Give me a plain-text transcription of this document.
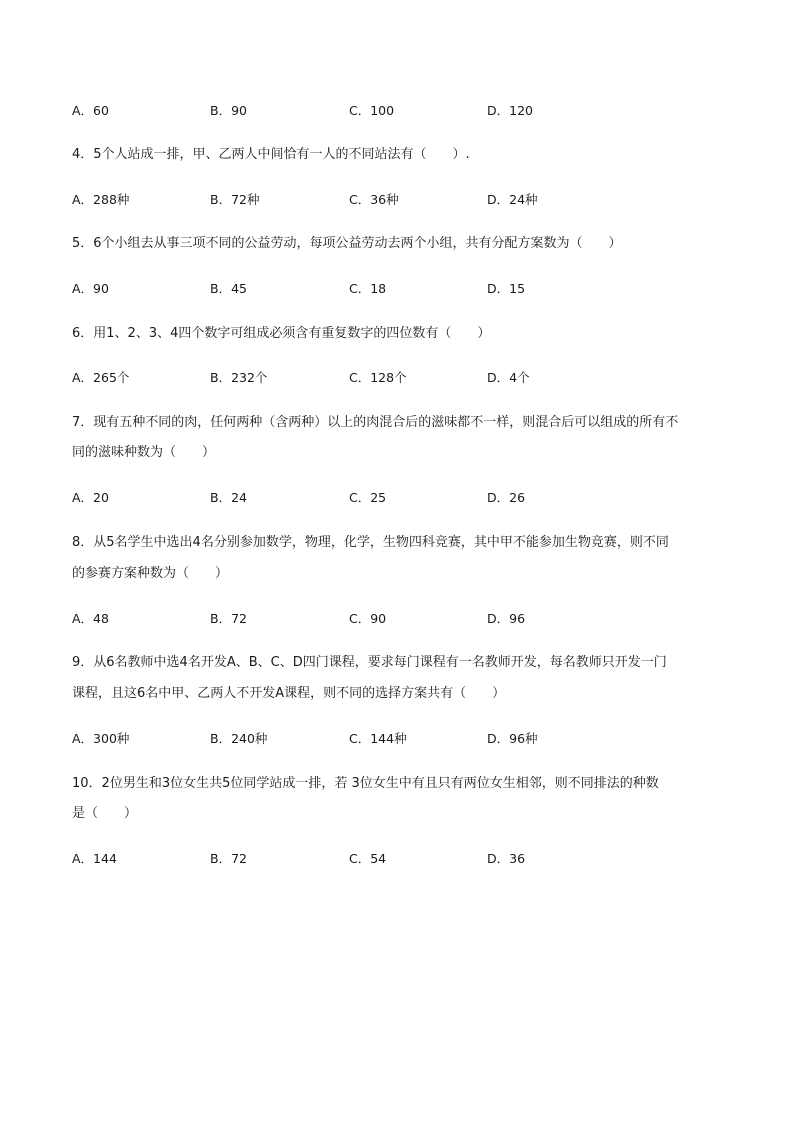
A．60	B．90	C．100	D．120
4．5个人站成一排，甲、乙两人中间恰有一人的不同站法有（　　）.
A．288种	B．72种	C．36种	D．24种
5．6个小组去从事三项不同的公益劳动，每项公益劳动去两个小组，共有分配方案数为（　　）
A．90	B．45	C．18	D．15
6．用1、2、3、4四个数字可组成必须含有重复数字的四位数有（　　）
A．265个	B．232个	C．128个	D．4个
7．现有五种不同的肉，任何两种（含两种）以上的肉混合后的滋味都不一样，则混合后可以组成的所有不
同的滋味种数为（　　）
A．20	B．24	C．25	D．26
8．从5名学生中选出4名分别参加数学，物理，化学，生物四科竞赛，其中甲不能参加生物竞赛，则不同
的参赛方案种数为（　　）
A．48	B．72	C．90	D．96
9．从6名教师中选4名开发A、B、C、D四门课程，要求每门课程有一名教师开发，每名教师只开发一门
课程，且这6名中甲、乙两人不开发A课程，则不同的选择方案共有（　　）
A．300种	B．240种	C．144种	D．96种
10．2位男生和3位女生共5位同学站成一排，若 3位女生中有且只有两位女生相邻，则不同排法的种数
是（　　）
A．144	B．72	C．54	D．36
